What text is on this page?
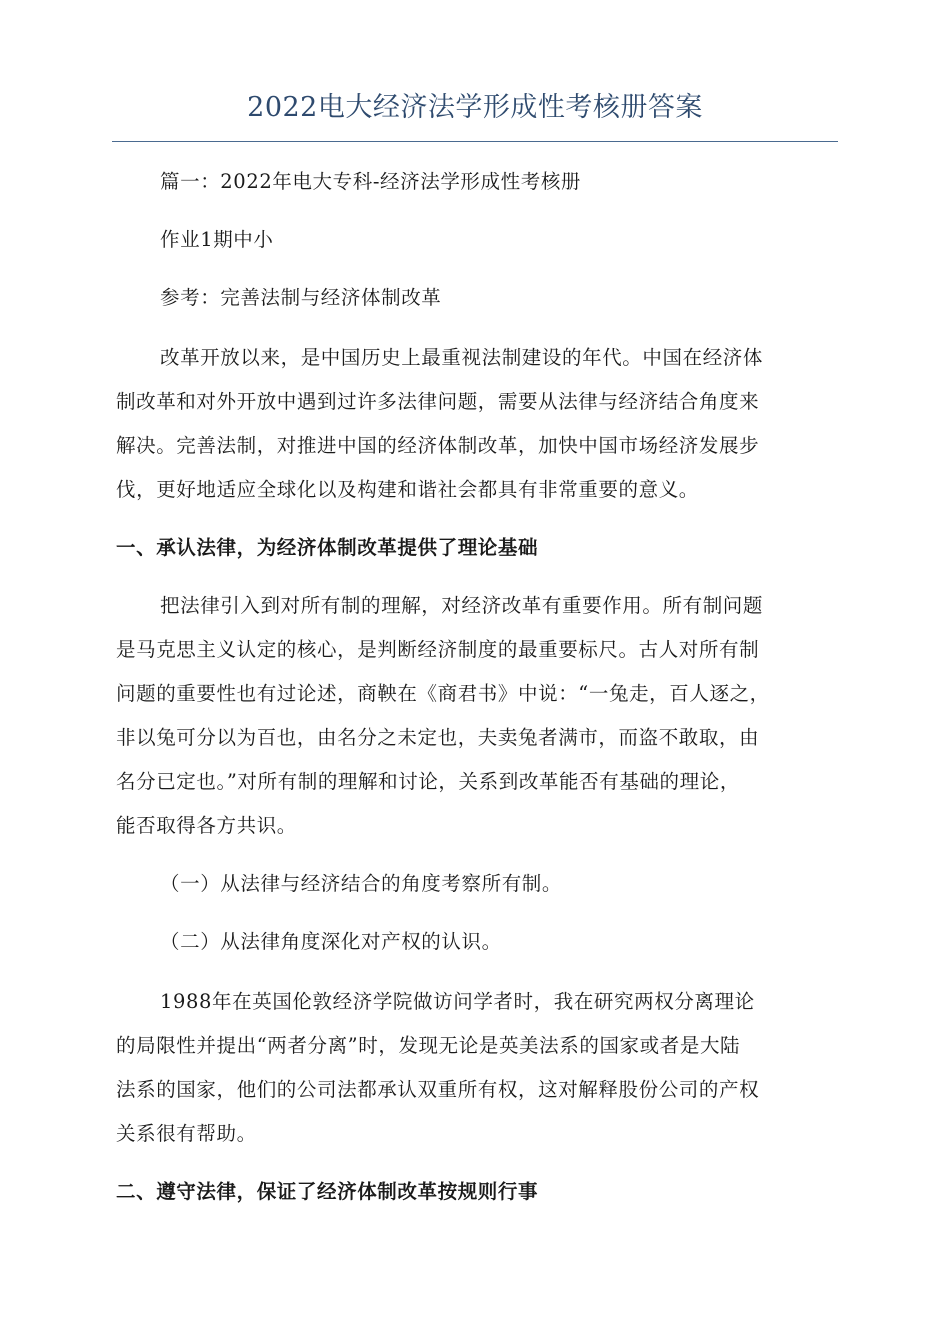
2022电大经济法学形成性考核册答案
篇一：2022年电大专科-经济法学形成性考核册
作业1期中小
参考：完善法制与经济体制改革
改革开放以来，是中国历史上最重视法制建设的年代。中国在经济体
制改革和对外开放中遇到过许多法律问题，需要从法律与经济结合角度来
解决。完善法制，对推进中国的经济体制改革，加快中国市场经济发展步
伐，更好地适应全球化以及构建和谐社会都具有非常重要的意义。
一、承认法律，为经济体制改革提供了理论基础
把法律引入到对所有制的理解，对经济改革有重要作用。所有制问题
是马克思主义认定的核心，是判断经济制度的最重要标尺。古人对所有制
问题的重要性也有过论述，商鞅在《商君书》中说：“一兔走，百人逐之，
非以兔可分以为百也，由名分之未定也，夫卖兔者满市，而盗不敢取，由
名分已定也。”对所有制的理解和讨论，关系到改革能否有基础的理论，
能否取得各方共识。
（一）从法律与经济结合的角度考察所有制。
（二）从法律角度深化对产权的认识。
1988年在英国伦敦经济学院做访问学者时，我在研究两权分离理论
的局限性并提出“两者分离”时，发现无论是英美法系的国家或者是大陆
法系的国家，他们的公司法都承认双重所有权，这对解释股份公司的产权
关系很有帮助。
二、遵守法律，保证了经济体制改革按规则行事
